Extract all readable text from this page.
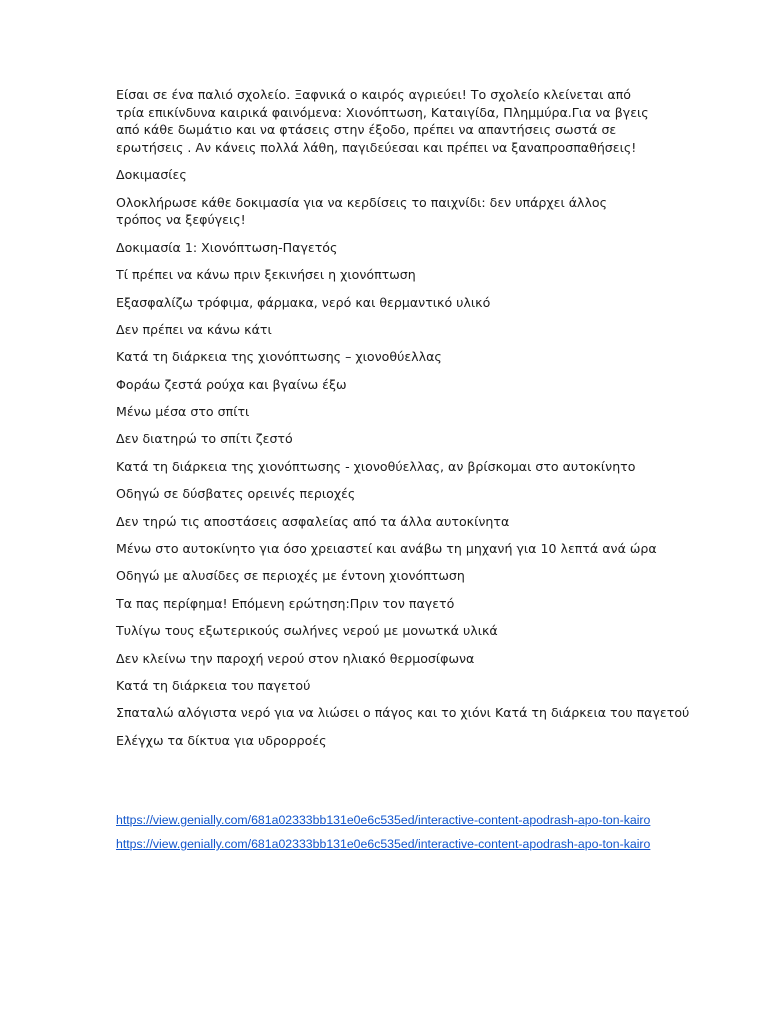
Είσαι σε ένα παλιό σχολείο. Ξαφνικά ο καιρός αγριεύει! Το σχολείο κλείνεται από τρία επικίνδυνα καιρικά φαινόμενα: Χιονόπτωση, Καταιγίδα, Πλημμύρα.Για να βγεις από κάθε δωμάτιο και να φτάσεις στην έξοδο, πρέπει να απαντήσεις σωστά σε ερωτήσεις . Αν κάνεις πολλά λάθη, παγιδεύεσαι και πρέπει να ξαναπροσπαθήσεις!

Δοκιμασίες

Ολοκλήρωσε κάθε δοκιμασία για να κερδίσεις το παιχνίδι: δεν υπάρχει άλλος τρόπος να ξεφύγεις!

Δοκιμασία 1: Χιονόπτωση-Παγετός

Τί πρέπει να κάνω πριν ξεκινήσει η χιονόπτωση

Εξασφαλίζω τρόφιμα, φάρμακα, νερό και θερμαντικό υλικό

Δεν πρέπει να κάνω κάτι

Κατά τη διάρκεια της χιονόπτωσης – χιονοθύελλας

Φοράω ζεστά ρούχα και βγαίνω έξω

Μένω μέσα στο σπίτι

Δεν διατηρώ το σπίτι ζεστό

Κατά τη διάρκεια της χιονόπτωσης - χιονοθύελλας, αν βρίσκομαι στο αυτοκίνητο

Οδηγώ σε δύσβατες ορεινές περιοχές

Δεν τηρώ τις αποστάσεις ασφαλείας από τα άλλα αυτοκίνητα

Μένω στο αυτοκίνητο για όσο χρειαστεί και ανάβω τη μηχανή για 10 λεπτά ανά ώρα

Οδηγώ με αλυσίδες σε περιοχές με έντονη χιονόπτωση

Τα πας περίφημα! Επόμενη ερώτηση:Πριν τον παγετό

Τυλίγω τους εξωτερικούς σωλήνες νερού με μονωτκά υλικά

Δεν κλείνω την παροχή νερού στον ηλιακό θερμοσίφωνα

Κατά τη διάρκεια του παγετού

Σπαταλώ αλόγιστα νερό για να λιώσει ο πάγος και το χιόνι Κατά τη διάρκεια του παγετού

Ελέγχω τα δίκτυα για υδρορροές

https://view.genially.com/681a02333bb131e0e6c535ed/interactive-content-apodrash-apo-ton-kairo
https://view.genially.com/681a02333bb131e0e6c535ed/interactive-content-apodrash-apo-ton-kairo
